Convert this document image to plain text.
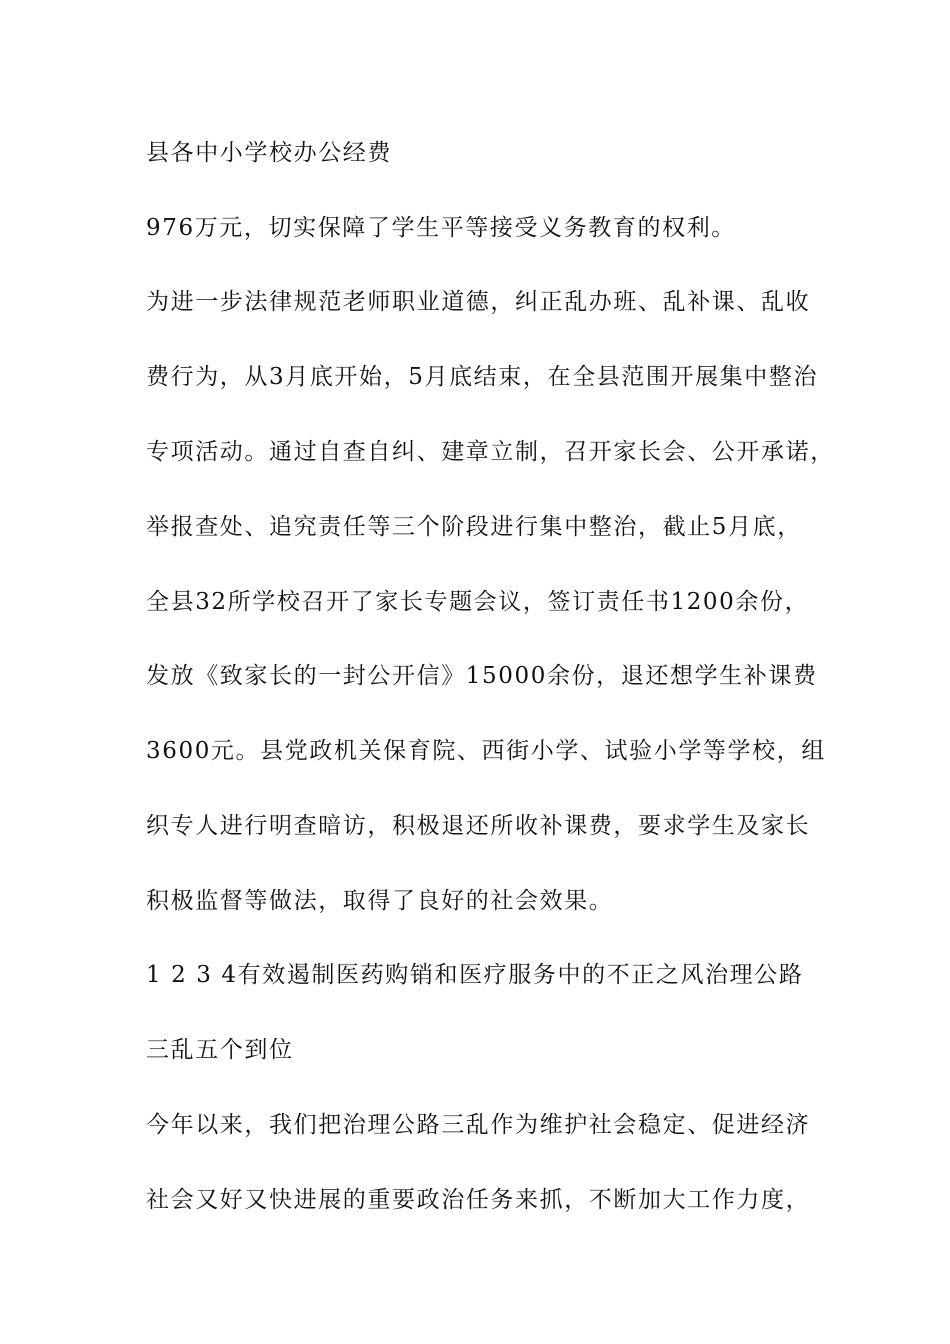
县各中小学校办公经费
976万元，切实保障了学生平等接受义务教育的权利。
为进一步法律规范老师职业道德，纠正乱办班、乱补课、乱收
费行为，从3月底开始，5月底结束，在全县范围开展集中整治
专项活动。通过自查自纠、建章立制，召开家长会、公开承诺，
举报查处、追究责任等三个阶段进行集中整治，截止5月底，
全县32所学校召开了家长专题会议，签订责任书1200余份，
发放《致家长的一封公开信》15000余份，退还想学生补课费
3600元。县党政机关保育院、西街小学、试验小学等学校，组
织专人进行明查暗访，积极退还所收补课费，要求学生及家长
积极监督等做法，取得了良好的社会效果。
1 2 3 4有效遏制医药购销和医疗服务中的不正之风治理公路
三乱五个到位
今年以来，我们把治理公路三乱作为维护社会稳定、促进经济
社会又好又快进展的重要政治任务来抓，不断加大工作力度，
